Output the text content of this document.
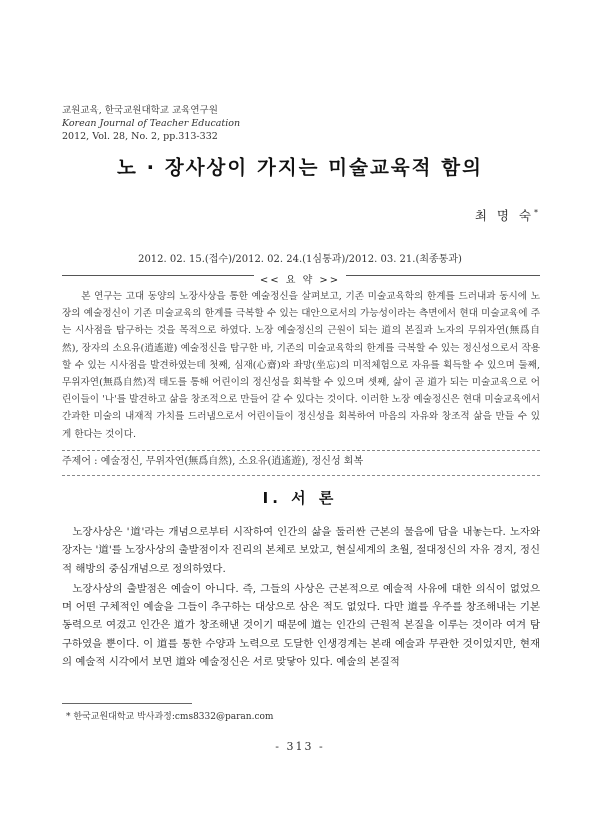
교원교육, 한국교원대학교 교육연구원
Korean Journal of Teacher Education
2012, Vol. 28, No. 2, pp.313-332
노 · 장사상이 가지는 미술교육적 함의
최 명 숙*
2012. 02. 15.(접수)/2012. 02. 24.(1심통과)/2012. 03. 21.(최종통과)
<< 요 약 >>

본 연구는 고대 동양의 노장사상을 통한 예술정신을 살펴보고, 기존 미술교육학의 한계를 드러내과 동시에 노장의 예술정신이 기존 미술교육의 한계를 극복할 수 있는 대안으로서의 가능성이라는 측면에서 현대 미술교육에 주는 시사점을 탐구하는 것을 목적으로 하였다. 노장 예술정신의 근원이 되는 道의 본질과 노자의 무위자연(無爲自然), 장자의 소요유(逍遙遊) 예술정신을 탐구한 바, 기존의 미술교육학의 한계를 극복할 수 있는 정신성으로서 작용할 수 있는 시사점을 발견하였는데 첫째, 심재(心齋)와 좌망(坐忘)의 미적체험으로 자유를 획득할 수 있으며 둘째, 무위자연(無爲自然)적 태도를 통해 어린이의 정신성을 회복할 수 있으며 셋째, 삶이 곧 道가 되는 미술교육으로 어린이들이 '나'를 발견하고 삶을 창조적으로 만들어 갈 수 있다는 것이다. 이러한 노장 예술정신은 현대 미술교육에서 간과한 미술의 내재적 가치를 드러냄으로서 어린이들이 정신성을 회복하여 마음의 자유와 창조적 삶을 만들 수 있게 한다는 것이다.

주제어 : 예술정신, 무위자연(無爲自然), 소요유(逍遙遊), 정신성 회복
Ⅰ. 서 론

노장사상은 '道'라는 개념으로부터 시작하여 인간의 삶을 둘러싼 근본의 물음에 답을 내놓는다. 노자와 장자는 '道'를 노장사상의 출발점이자 진리의 본체로 보았고, 현실세계의 초월, 절대정신의 자유 경지, 정신적 해방의 중심개념으로 정의하였다.

노장사상의 출발점은 예술이 아니다. 즉, 그들의 사상은 근본적으로 예술적 사유에 대한 의식이 없었으며 어떤 구체적인 예술을 그들이 추구하는 대상으로 삼은 적도 없었다. 다만 道를 우주를 창조해내는 기본 동력으로 여겼고 인간은 道가 창조해낸 것이기 때문에 道는 인간의 근원적 본질을 이루는 것이라 여겨 탐구하였을 뿐이다. 이 道를 통한 수양과 노력으로 도달한 인생경계는 본래 예술과 무관한 것이었지만, 현재의 예술적 시각에서 보면 道와 예술정신은 서로 맞닿아 있다. 예술의 본질적

* 한국교원대학교 박사과정:cms8332@paran.com
- 313 -
